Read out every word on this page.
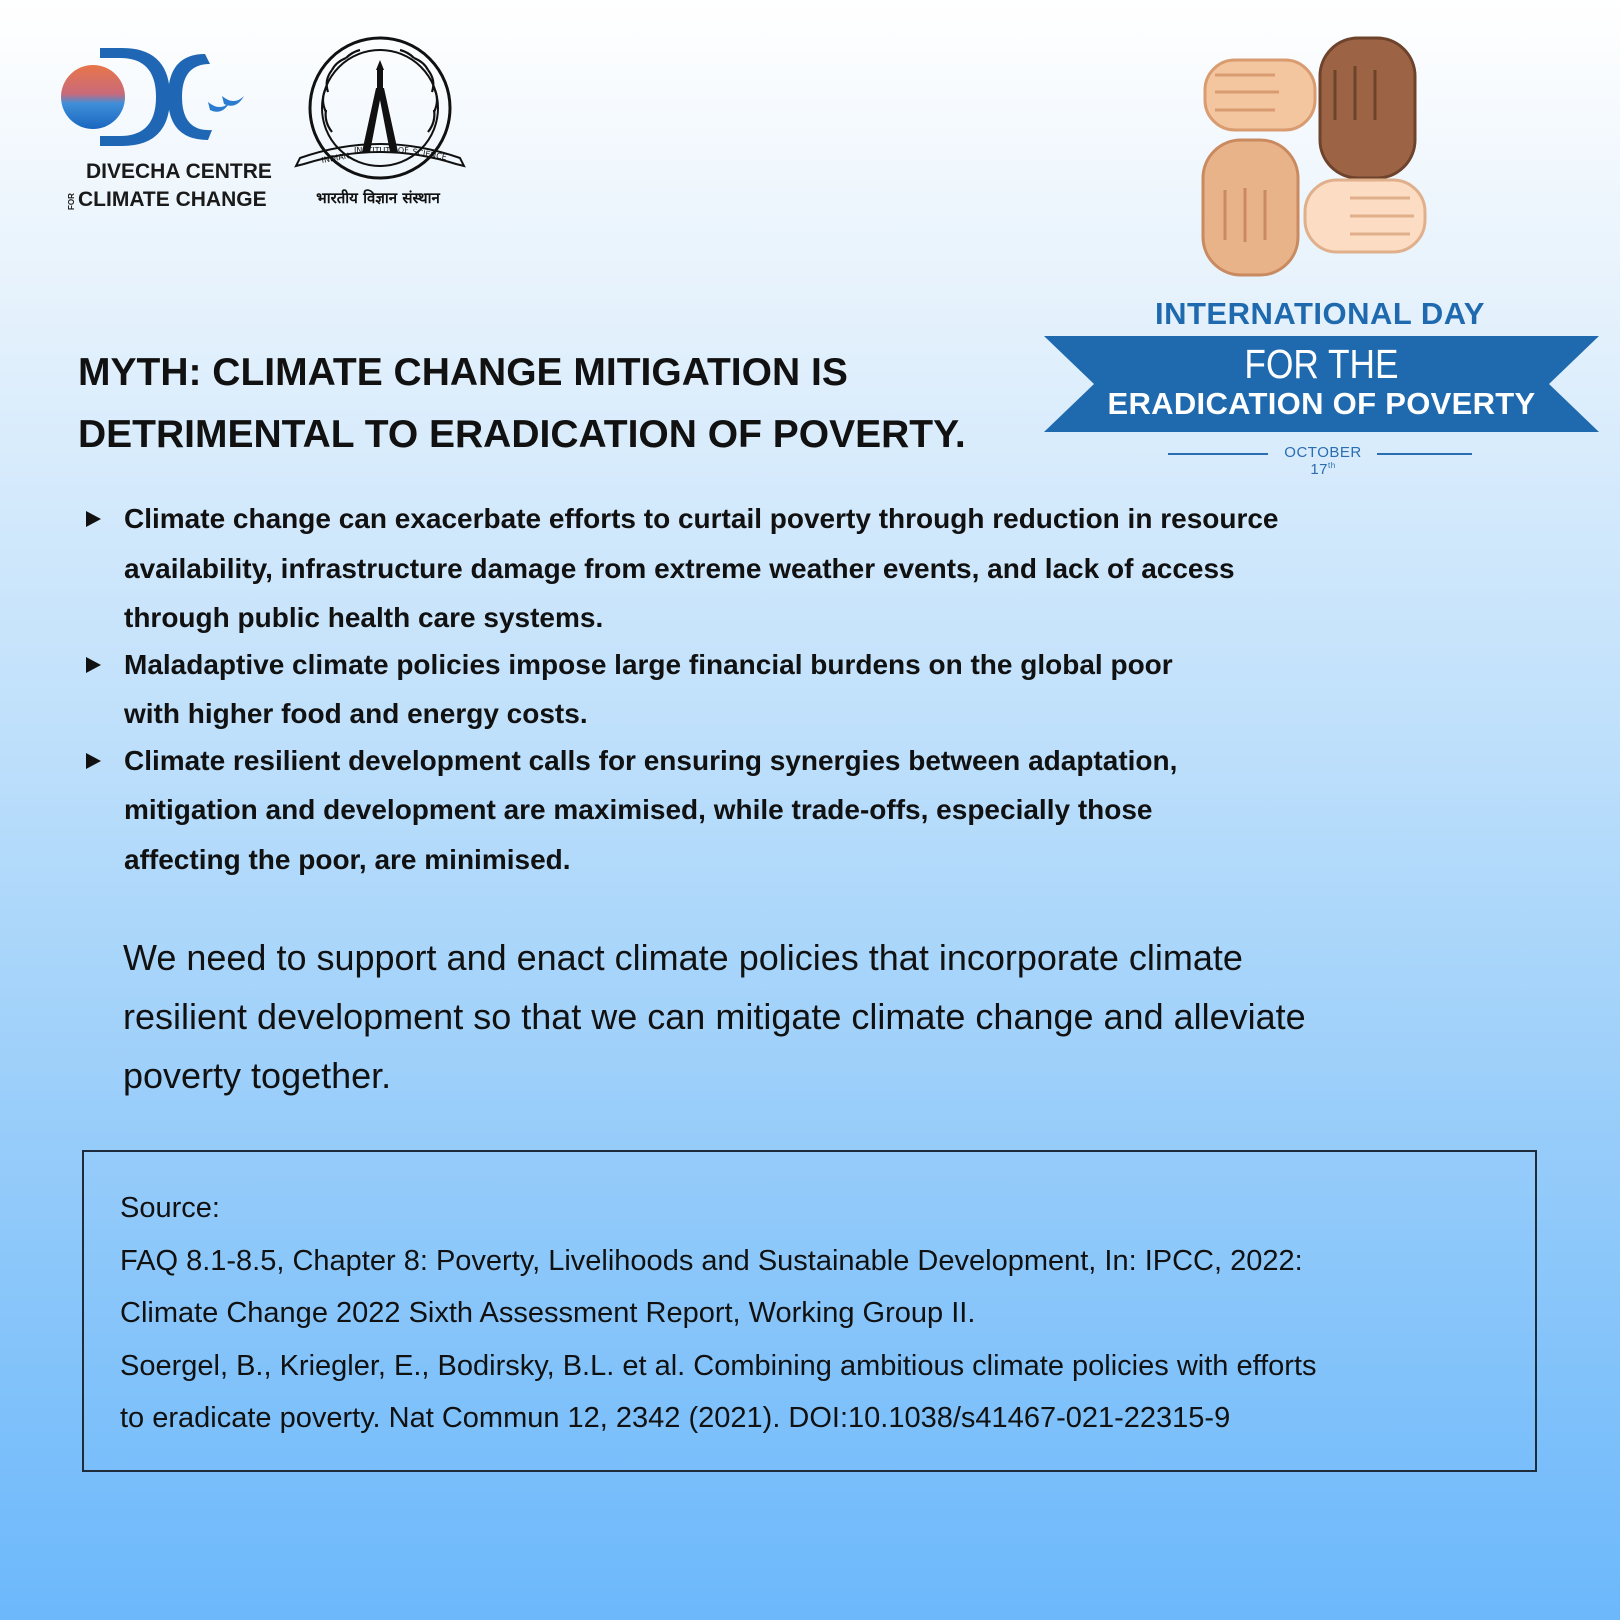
DIVECHA CENTRE
FORCLIMATE CHANGE
INDIAN
INSTITUTE OF SCIENCE
भारतीय विज्ञान संस्थान
INTERNATIONAL DAY
FOR THE
ERADICATION OF POVERTY
OCTOBER 17th
MYTH: CLIMATE CHANGE MITIGATION IS
DETRIMENTAL TO ERADICATION OF POVERTY.
Climate change can exacerbate efforts to curtail poverty through reduction in resource
availability, infrastructure damage from extreme weather events, and lack of access
through public health care systems.
Maladaptive climate policies impose large financial burdens on the global poor
with higher food and energy costs.
Climate resilient development calls for ensuring synergies between adaptation,
mitigation and development are maximised, while trade-offs, especially those
affecting the poor, are minimised.
We need to support and enact climate policies that incorporate climate
resilient development so that we can mitigate climate change and alleviate
poverty together.
Source:
FAQ 8.1-8.5, Chapter 8: Poverty, Livelihoods and Sustainable Development, In: IPCC, 2022:
Climate Change 2022 Sixth Assessment Report, Working Group II.
Soergel, B., Kriegler, E., Bodirsky, B.L. et al. Combining ambitious climate policies with efforts
to eradicate poverty. Nat Commun 12, 2342 (2021). DOI:10.1038/s41467-021-22315-9
